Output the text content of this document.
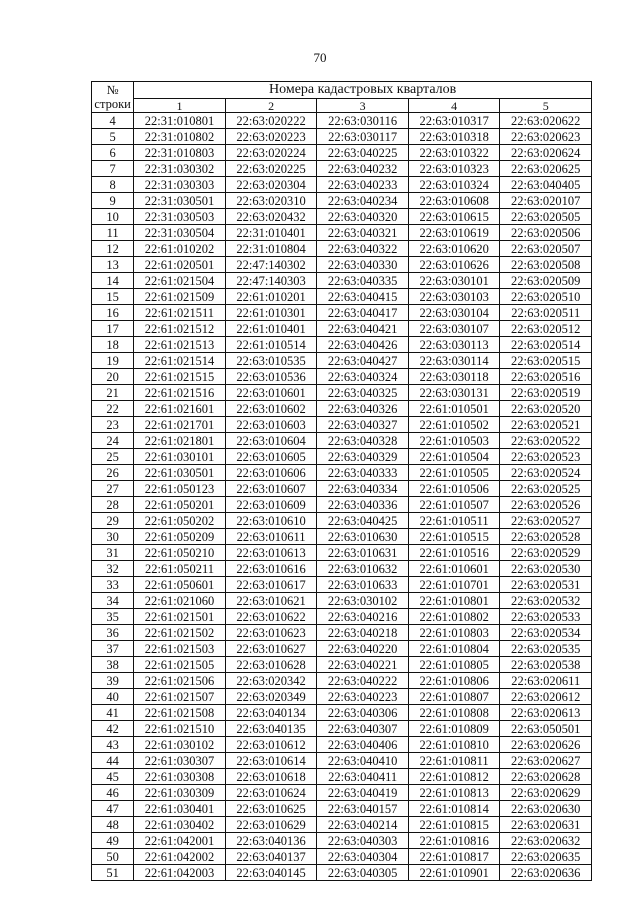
70
№
строки	Номера кадастровых кварталов				
	1	2	3	4	5
4	22:31:010801	22:63:020222	22:63:030116	22:63:010317	22:63:020622
5	22:31:010802	22:63:020223	22:63:030117	22:63:010318	22:63:020623
6	22:31:010803	22:63:020224	22:63:040225	22:63:010322	22:63:020624
7	22:31:030302	22:63:020225	22:63:040232	22:63:010323	22:63:020625
8	22:31:030303	22:63:020304	22:63:040233	22:63:010324	22:63:040405
9	22:31:030501	22:63:020310	22:63:040234	22:63:010608	22:63:020107
10	22:31:030503	22:63:020432	22:63:040320	22:63:010615	22:63:020505
11	22:31:030504	22:31:010401	22:63:040321	22:63:010619	22:63:020506
12	22:61:010202	22:31:010804	22:63:040322	22:63:010620	22:63:020507
13	22:61:020501	22:47:140302	22:63:040330	22:63:010626	22:63:020508
14	22:61:021504	22:47:140303	22:63:040335	22:63:030101	22:63:020509
15	22:61:021509	22:61:010201	22:63:040415	22:63:030103	22:63:020510
16	22:61:021511	22:61:010301	22:63:040417	22:63:030104	22:63:020511
17	22:61:021512	22:61:010401	22:63:040421	22:63:030107	22:63:020512
18	22:61:021513	22:61:010514	22:63:040426	22:63:030113	22:63:020514
19	22:61:021514	22:63:010535	22:63:040427	22:63:030114	22:63:020515
20	22:61:021515	22:63:010536	22:63:040324	22:63:030118	22:63:020516
21	22:61:021516	22:63:010601	22:63:040325	22:63:030131	22:63:020519
22	22:61:021601	22:63:010602	22:63:040326	22:61:010501	22:63:020520
23	22:61:021701	22:63:010603	22:63:040327	22:61:010502	22:63:020521
24	22:61:021801	22:63:010604	22:63:040328	22:61:010503	22:63:020522
25	22:61:030101	22:63:010605	22:63:040329	22:61:010504	22:63:020523
26	22:61:030501	22:63:010606	22:63:040333	22:61:010505	22:63:020524
27	22:61:050123	22:63:010607	22:63:040334	22:61:010506	22:63:020525
28	22:61:050201	22:63:010609	22:63:040336	22:61:010507	22:63:020526
29	22:61:050202	22:63:010610	22:63:040425	22:61:010511	22:63:020527
30	22:61:050209	22:63:010611	22:63:010630	22:61:010515	22:63:020528
31	22:61:050210	22:63:010613	22:63:010631	22:61:010516	22:63:020529
32	22:61:050211	22:63:010616	22:63:010632	22:61:010601	22:63:020530
33	22:61:050601	22:63:010617	22:63:010633	22:61:010701	22:63:020531
34	22:61:021060	22:63:010621	22:63:030102	22:61:010801	22:63:020532
35	22:61:021501	22:63:010622	22:63:040216	22:61:010802	22:63:020533
36	22:61:021502	22:63:010623	22:63:040218	22:61:010803	22:63:020534
37	22:61:021503	22:63:010627	22:63:040220	22:61:010804	22:63:020535
38	22:61:021505	22:63:010628	22:63:040221	22:61:010805	22:63:020538
39	22:61:021506	22:63:020342	22:63:040222	22:61:010806	22:63:020611
40	22:61:021507	22:63:020349	22:63:040223	22:61:010807	22:63:020612
41	22:61:021508	22:63:040134	22:63:040306	22:61:010808	22:63:020613
42	22:61:021510	22:63:040135	22:63:040307	22:61:010809	22:63:050501
43	22:61:030102	22:63:010612	22:63:040406	22:61:010810	22:63:020626
44	22:61:030307	22:63:010614	22:63:040410	22:61:010811	22:63:020627
45	22:61:030308	22:63:010618	22:63:040411	22:61:010812	22:63:020628
46	22:61:030309	22:63:010624	22:63:040419	22:61:010813	22:63:020629
47	22:61:030401	22:63:010625	22:63:040157	22:61:010814	22:63:020630
48	22:61:030402	22:63:010629	22:63:040214	22:61:010815	22:63:020631
49	22:61:042001	22:63:040136	22:63:040303	22:61:010816	22:63:020632
50	22:61:042002	22:63:040137	22:63:040304	22:61:010817	22:63:020635
51	22:61:042003	22:63:040145	22:63:040305	22:61:010901	22:63:020636
